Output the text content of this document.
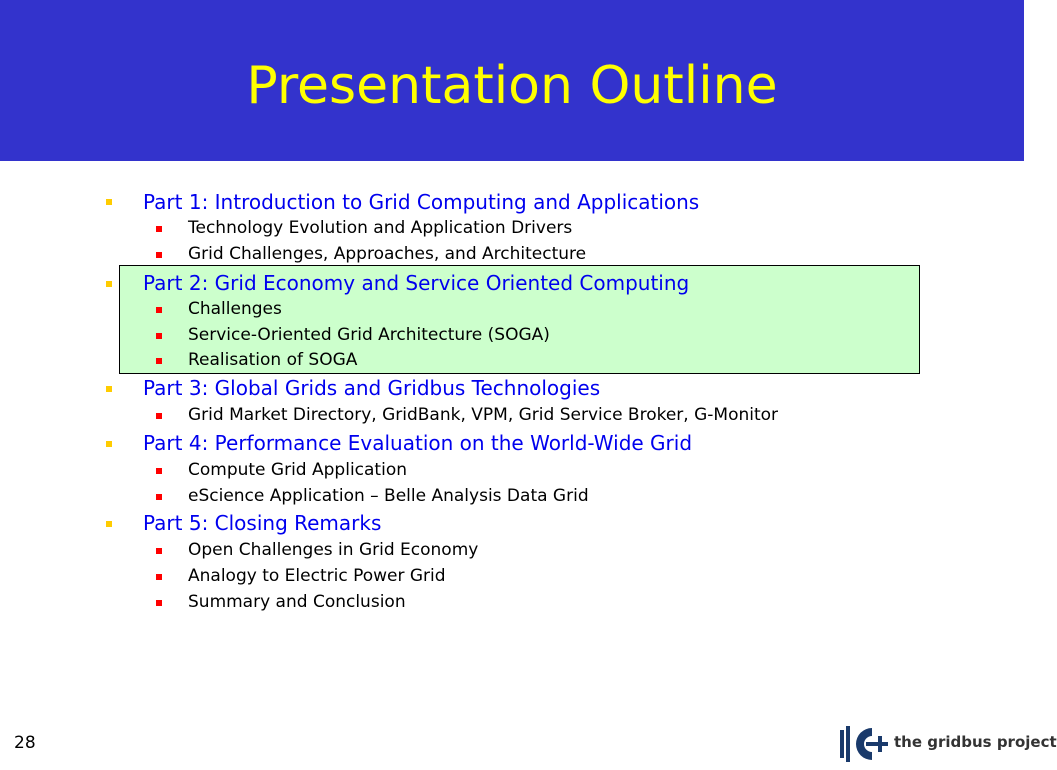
Presentation Outline
Part 1: Introduction to Grid Computing and Applications
Technology Evolution and Application Drivers
Grid Challenges, Approaches, and Architecture
Part 2: Grid Economy and Service Oriented Computing
Challenges
Service-Oriented Grid Architecture (SOGA)
Realisation of SOGA
Part 3: Global Grids and Gridbus Technologies
Grid Market Directory, GridBank, VPM, Grid Service Broker, G-Monitor
Part 4: Performance Evaluation on the World-Wide Grid
Compute Grid Application
eScience Application – Belle Analysis Data Grid
Part 5: Closing Remarks
Open Challenges in Grid Economy
Analogy to Electric Power Grid
Summary and Conclusion
28	the gridbus project
